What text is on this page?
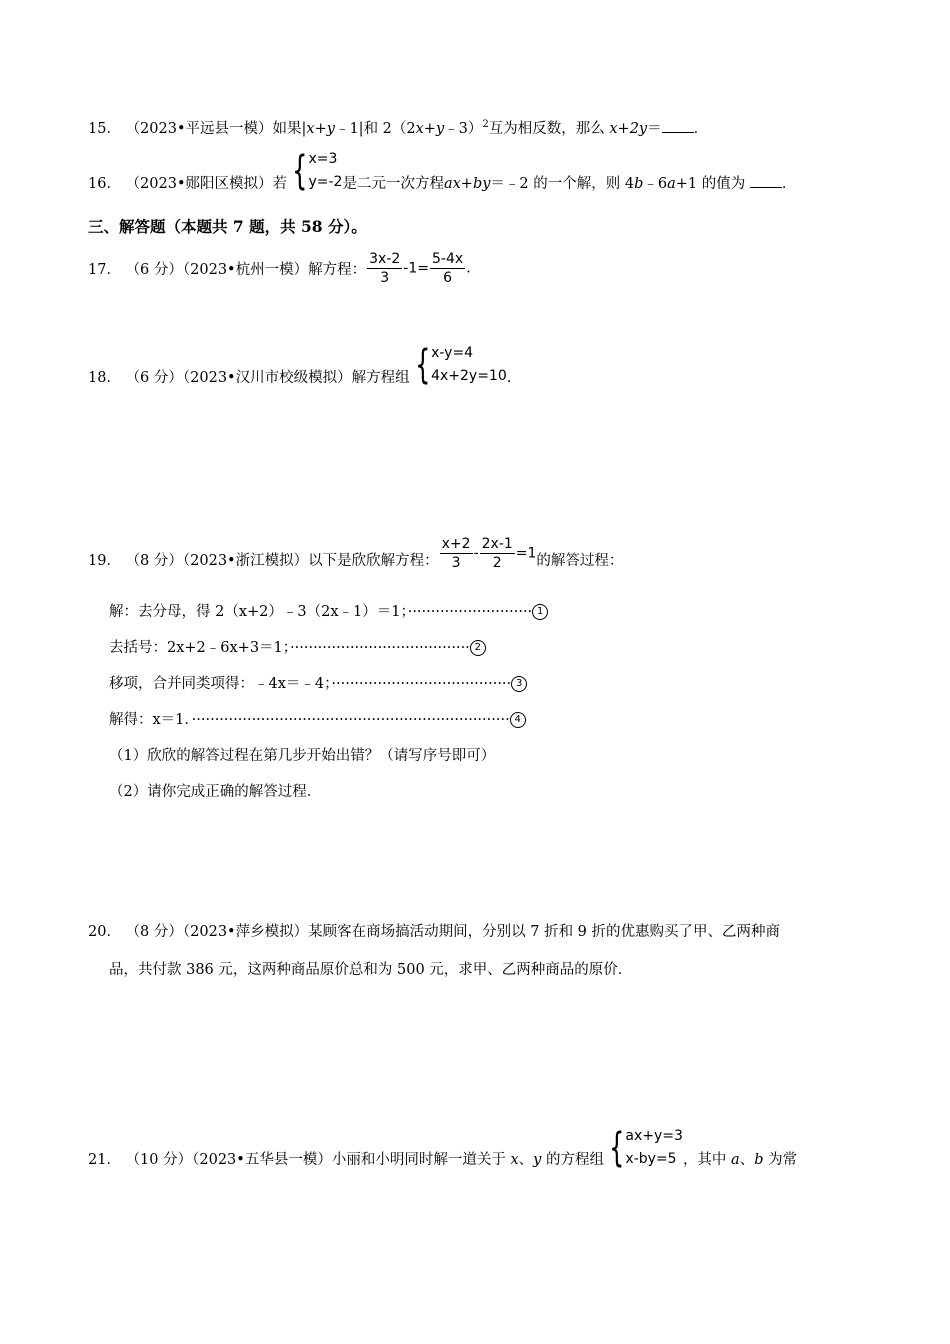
15． （2023•平远县一模）如果|x+y﹣1|和 2（2x+y﹣3）$^2$互为相反数，那么 x+2y＝ ．
16． （2023•郧阳区模拟）若 { x=3
y=-2 是二元一次方程ax+by＝﹣2 的一个解，则 4b﹣6a+1 的值为	．
三、解答题（本题共 7 题，共 58 分）。
17． （6 分）（2023•杭州一模）解方程： $\frac{3x-2}{3} -1= \frac{5-4x}{6}$ .
18． （6 分）（2023•汉川市校级模拟）解方程组 { x-y=4
4x+2y=10 .
19． （8 分）（2023•浙江模拟）以下是欣欣解方程： $\frac{x+2}{3} - \frac{2x-1}{2} =1$的解答过程：
解：去分母，得 2（x+2）﹣3（2x﹣1）＝1；··························· 1
去括号：2x+2﹣6x+3＝1；······································· 2
移项，合并同类项得：﹣4x＝﹣4；······································· 3
解得：x＝1．····································································· 4
（1）欣欣的解答过程在第几步开始出错？（请写序号即可）
（2）请你完成正确的解答过程．
20． （8 分）（2023•萍乡模拟）某顾客在商场搞活动期间，分别以 7 折和 9 折的优惠购买了甲、乙两种商
品，共付款 386 元，这两种商品原价总和为 500 元，求甲、乙两种商品的原价．
21． （10 分）（2023•五华县一模）小丽和小明同时解一道关于 x、y 的方程组 { ax+y=3
x-by=5 ，其中 a、b 为常
